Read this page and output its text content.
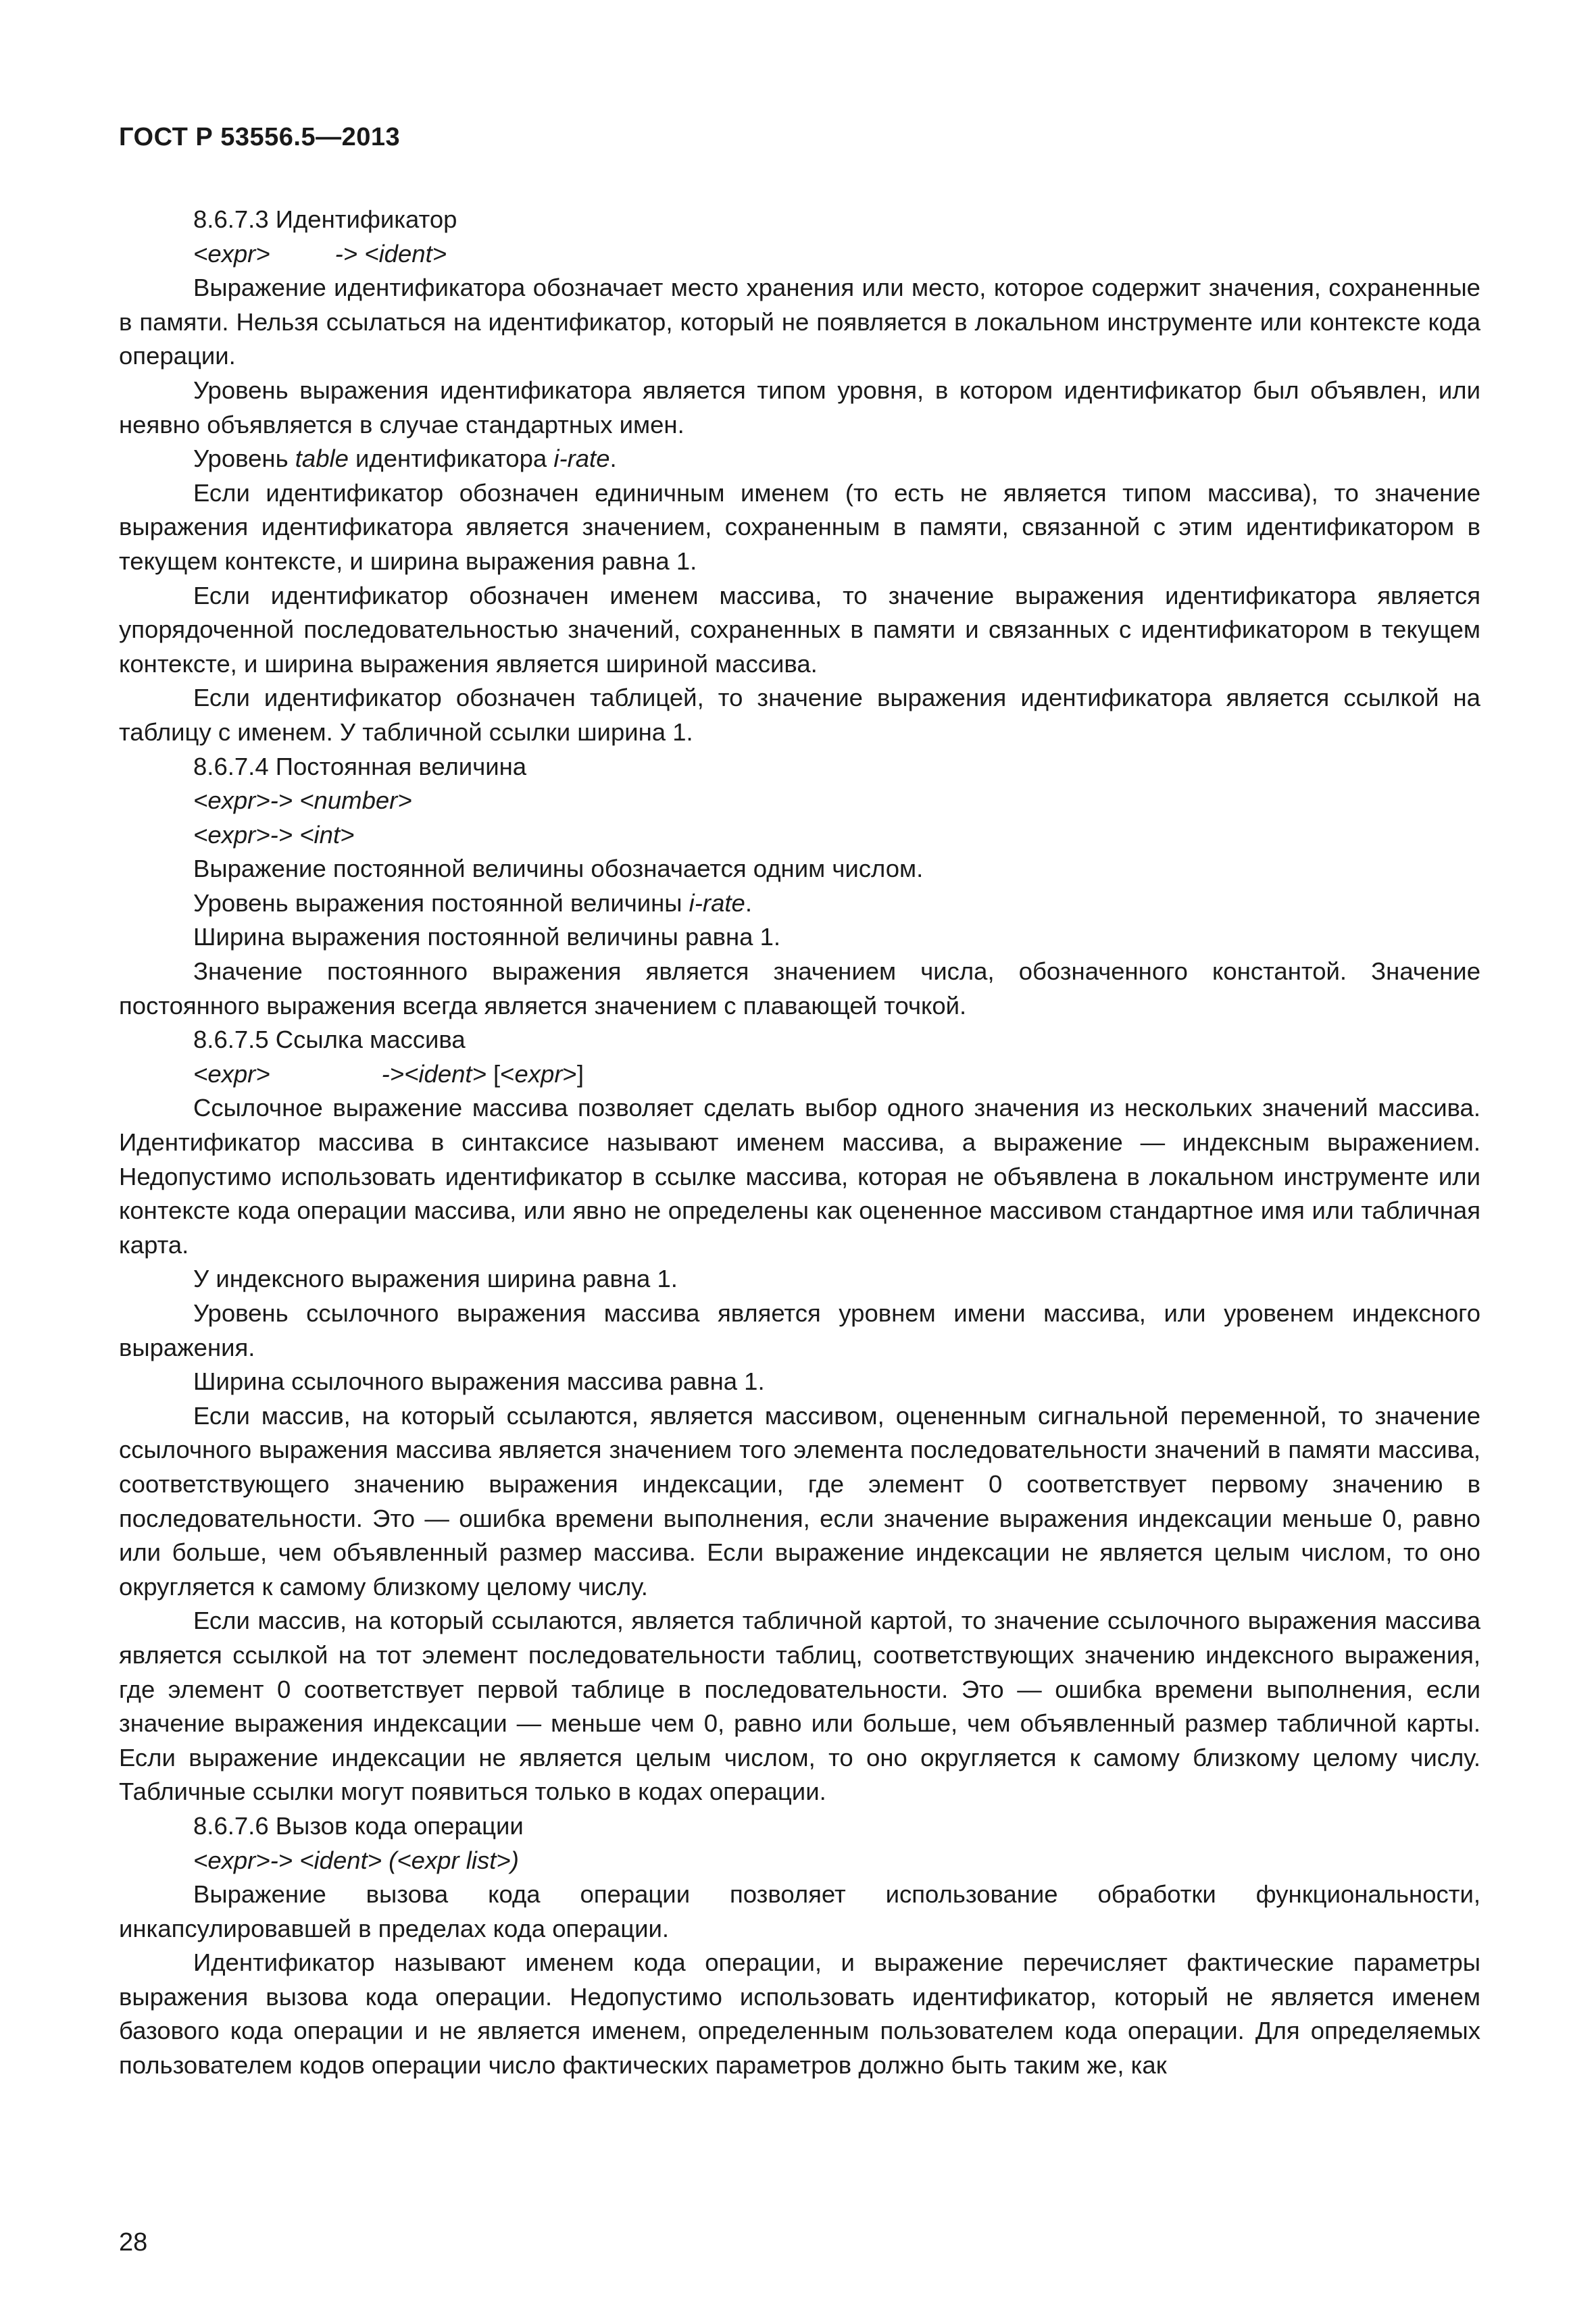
ГОСТ Р 53556.5—2013

8.6.7.3 Идентификатор

<expr>	-> <ident>

Выражение идентификатора обозначает место хранения или место, которое содержит значения, сохраненные в памяти. Нельзя ссылаться на идентификатор, который не появляется в локальном инструменте или контексте кода операции.

Уровень выражения идентификатора является типом уровня, в котором идентификатор был объявлен, или неявно объявляется в случае стандартных имен.

Уровень table идентификатора i-rate.

Если идентификатор обозначен единичным именем (то есть не является типом массива), то значение выражения идентификатора является значением, сохраненным в памяти, связанной с этим идентификатором в текущем контексте, и ширина выражения равна 1.

Если идентификатор обозначен именем массива, то значение выражения идентификатора является упорядоченной последовательностью значений, сохраненных в памяти и связанных с идентификатором в текущем контексте, и ширина выражения является шириной массива.

Если идентификатор обозначен таблицей, то значение выражения идентификатора является ссылкой на таблицу с именем. У табличной ссылки ширина 1.

8.6.7.4 Постоянная величина

<expr>-> <number>

<expr>-> <int>

Выражение постоянной величины обозначается одним числом.

Уровень выражения постоянной величины i-rate.

Ширина выражения постоянной величины равна 1.

Значение постоянного выражения является значением числа, обозначенного константой. Значение постоянного выражения всегда является значением с плавающей точкой.

8.6.7.5 Ссылка массива

<expr>	-><ident> [<expr>]

Ссылочное выражение массива позволяет сделать выбор одного значения из нескольких значений массива. Идентификатор массива в синтаксисе называют именем массива, а выражение — индексным выражением. Недопустимо использовать идентификатор в ссылке массива, которая не объявлена в локальном инструменте или контексте кода операции массива, или явно не определены как оцененное массивом стандартное имя или табличная карта.

У индексного выражения ширина равна 1.

Уровень ссылочного выражения массива является уровнем имени массива, или уровенем индексного выражения.

Ширина ссылочного выражения массива равна 1.

Если массив, на который ссылаются, является массивом, оцененным сигнальной переменной, то значение ссылочного выражения массива является значением того элемента последовательности значений в памяти массива, соответствующего значению выражения индексации, где элемент 0 соответствует первому значению в последовательности. Это — ошибка времени выполнения, если значение выражения индексации меньше 0, равно или больше, чем объявленный размер массива. Если выражение индексации не является целым числом, то оно округляется к самому близкому целому числу.

Если массив, на который ссылаются, является табличной картой, то значение ссылочного выражения массива является ссылкой на тот элемент последовательности таблиц, соответствующих значению индексного выражения, где элемент 0 соответствует первой таблице в последовательности. Это — ошибка времени выполнения, если значение выражения индексации — меньше чем 0, равно или больше, чем объявленный размер табличной карты. Если выражение индексации не является целым числом, то оно округляется к самому близкому целому числу. Табличные ссылки могут появиться только в кодах операции.

8.6.7.6 Вызов кода операции

<expr>-> <ident> (<expr list>)

Выражение вызова кода операции позволяет использование обработки функциональности, инкапсулировавшей в пределах кода операции.

Идентификатор называют именем кода операции, и выражение перечисляет фактические параметры выражения вызова кода операции. Недопустимо использовать идентификатор, который не является именем базового кода операции и не является именем, определенным пользователем кода операции. Для определяемых пользователем кодов операции число фактических параметров должно быть таким же, как

28
